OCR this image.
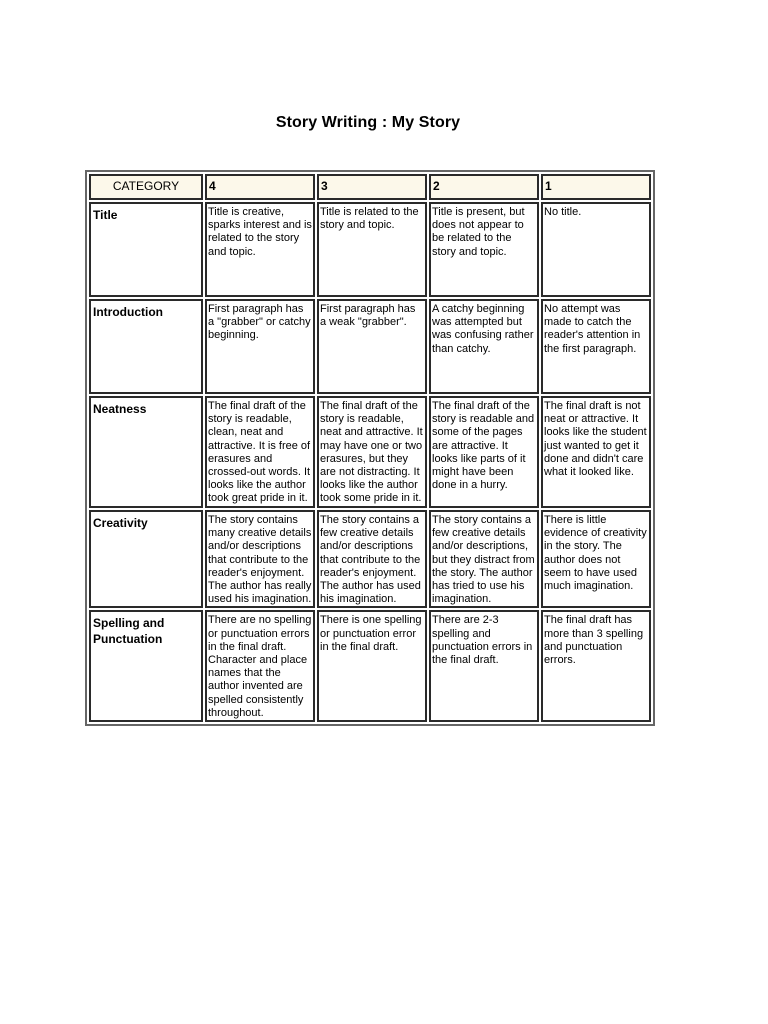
Story Writing : My Story
CATEGORY	4	3	2	1
Title	Title is creative, sparks interest and is related to the story and topic.	Title is related to the story and topic.	Title is present, but does not appear to be related to the story and topic.	No title.
Introduction	First paragraph has a "grabber" or catchy beginning.	First paragraph has a weak "grabber".	A catchy beginning was attempted but was confusing rather than catchy.	No attempt was made to catch the reader's attention in the first paragraph.
Neatness	The final draft of the story is readable, clean, neat and attractive. It is free of erasures and crossed-out words. It looks like the author took great pride in it.	The final draft of the story is readable, neat and attractive. It may have one or two erasures, but they are not distracting. It looks like the author took some pride in it.	The final draft of the story is readable and some of the pages are attractive. It looks like parts of it might have been done in a hurry.	The final draft is not neat or attractive. It looks like the student just wanted to get it done and didn't care what it looked like.
Creativity	The story contains many creative details and/or descriptions that contribute to the reader's enjoyment. The author has really used his imagination.	The story contains a few creative details and/or descriptions that contribute to the reader's enjoyment. The author has used his imagination.	The story contains a few creative details and/or descriptions, but they distract from the story. The author has tried to use his imagination.	There is little evidence of creativity in the story. The author does not seem to have used much imagination.
Spelling and Punctuation	There are no spelling or punctuation errors in the final draft. Character and place names that the author invented are spelled consistently throughout.	There is one spelling or punctuation error in the final draft.	There are 2-3 spelling and punctuation errors in the final draft.	The final draft has more than 3 spelling and punctuation errors.
